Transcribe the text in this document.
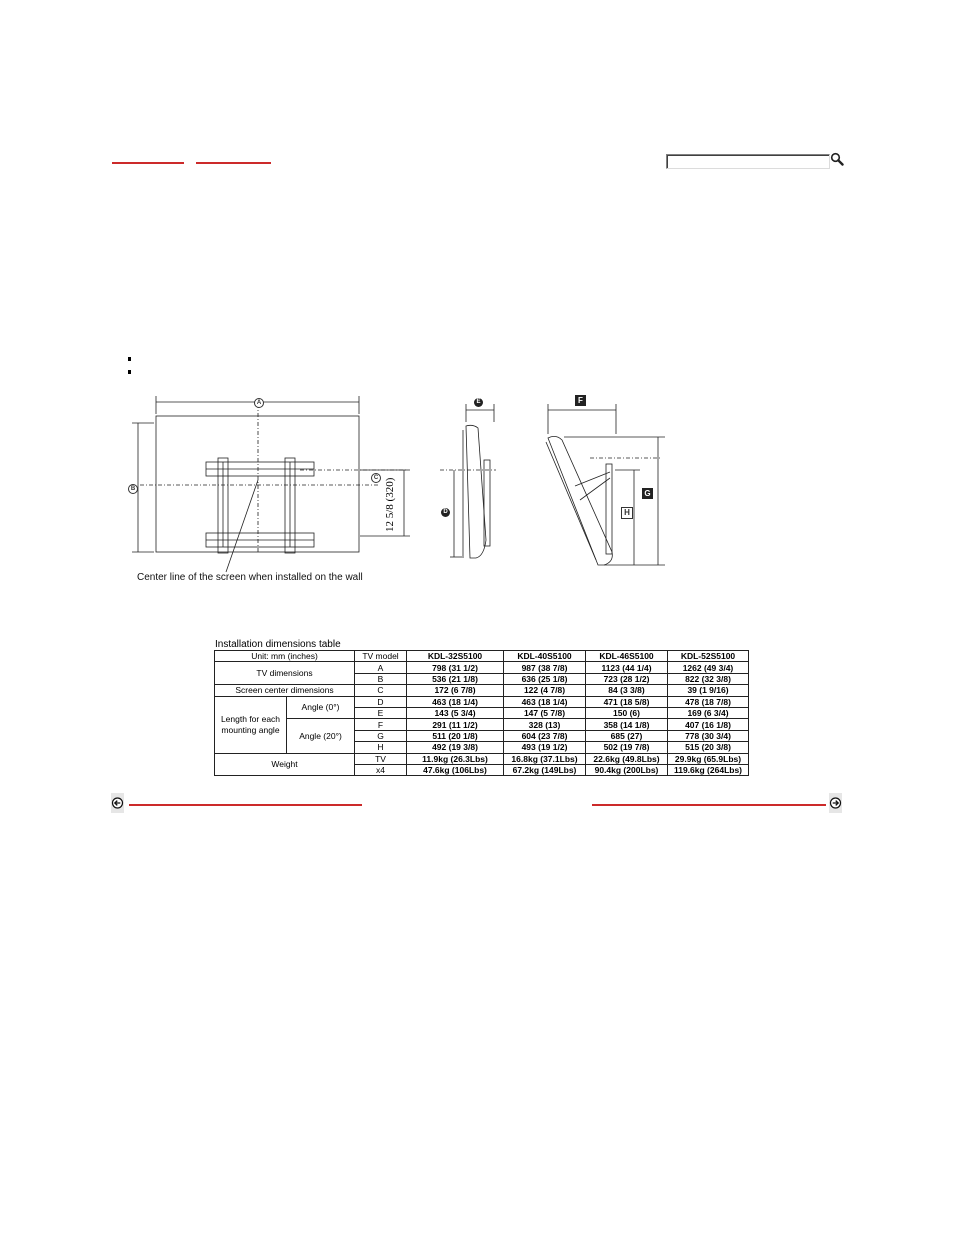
A
B
C
D
E	F
G
H
12 5/8 (320)
Center line of the screen when installed on the wall
Installation dimensions table
Unit: mm (inches)		TV model	KDL-32S5100	KDL-40S5100	KDL-46S5100	KDL-52S5100
TV dimensions		A	798 (31 1/2)	987 (38 7/8)	1123 (44 1/4)	1262 (49 3/4)
		B	536 (21 1/8)	636 (25 1/8)	723 (28 1/2)	822 (32 3/8)
Screen center dimensions		C	172 (6 7/8)	122 (4 7/8)	84 (3 3/8)	39 (1 9/16)
Length for each mounting angle	Angle (0°)	D	463 (18 1/4)	463 (18 1/4)	471 (18 5/8)	478 (18 7/8)
		E	143 (5 3/4)	147 (5 7/8)	150 (6)	169 (6 3/4)
	Angle (20°)	F	291 (11 1/2)	328 (13)	358 (14 1/8)	407 (16 1/8)
		G	511 (20 1/8)	604 (23 7/8)	685 (27)	778 (30 3/4)
		H	492 (19 3/8)	493 (19 1/2)	502 (19 7/8)	515 (20 3/8)
Weight		TV	11.9kg (26.3Lbs)	16.8kg (37.1Lbs)	22.6kg (49.8Lbs)	29.9kg (65.9Lbs)
		x4	47.6kg (106Lbs)	67.2kg (149Lbs)	90.4kg (200Lbs)	119.6kg (264Lbs)
